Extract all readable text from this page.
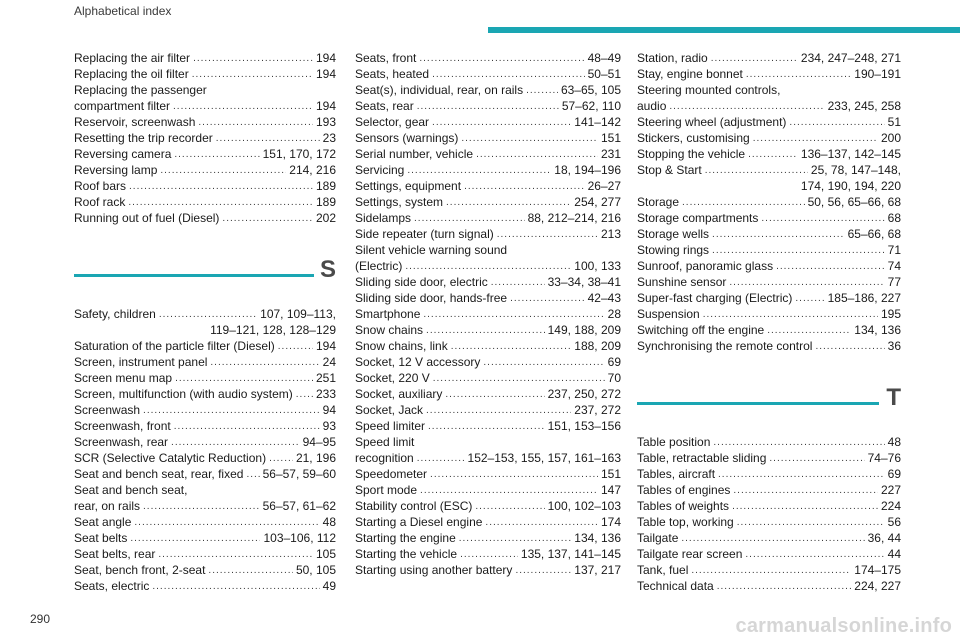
Alphabetical index
Replacing the air filter .....	194
Replacing the oil filter .....	194
Replacing the passenger
compartment filter .....	194
Reservoir, screenwash .....	193
Resetting the trip recorder .....	23
Reversing camera .....	151, 170, 172
Reversing lamp .....	214, 216
Roof bars .....	189
Roof rack .....	189
Running out of fuel (Diesel) .....	202
S
Safety, children .....	107, 109–113,
119–121, 128, 128–129
Saturation of the particle filter (Diesel) .....	194
Screen, instrument panel .....	24
Screen menu map .....	251
Screen, multifunction (with audio system) ..... 233
Screenwash .....	94
Screenwash, front .....	93
Screenwash, rear .....	94–95
SCR (Selective Catalytic Reduction) ..... 21, 196
Seat and bench seat, rear, fixed ..... 56–57, 59–60
Seat and bench seat,
rear, on rails .....	56–57, 61–62
Seat angle .....	48
Seat belts .....	103–106, 112
Seat belts, rear .....	105
Seat, bench front, 2-seat .....	50, 105
Seats, electric .....	49
Seats, front .....	48–49
Seats, heated .....	50–51
Seat(s), individual, rear, on rails .....	63–65, 105
Seats, rear .....	57–62, 110
Selector, gear .....	141–142
Sensors (warnings) .....	151
Serial number, vehicle .....	231
Servicing .....	18, 194–196
Settings, equipment .....	26–27
Settings, system .....	254, 277
Sidelamps .....	88, 212–214, 216
Side repeater (turn signal) .....	213
Silent vehicle warning sound
(Electric) .....	100, 133
Sliding side door, electric .....	33–34, 38–41
Sliding side door, hands-free .....	42–43
Smartphone .....	28
Snow chains .....	149, 188, 209
Snow chains, link .....	188, 209
Socket, 12 V accessory .....	69
Socket, 220 V .....	70
Socket, auxiliary .....	237, 250, 272
Socket, Jack .....	237, 272
Speed limiter .....	151, 153–156
Speed limit
recognition .....	152–153, 155, 157, 161–163
Speedometer .....	151
Sport mode .....	147
Stability control (ESC) .....	100, 102–103
Starting a Diesel engine .....	174
Starting the engine .....	134, 136
Starting the vehicle .....	135, 137, 141–145
Starting using another battery .....	137, 217
Station, radio .....	234, 247–248, 271
Stay, engine bonnet .....	190–191
Steering mounted controls,
audio .....	233, 245, 258
Steering wheel (adjustment) .....	51
Stickers, customising .....	200
Stopping the vehicle .....	136–137, 142–145
Stop & Start .....	25, 78, 147–148,
174, 190, 194, 220
Storage .....	50, 56, 65–66, 68
Storage compartments .....	68
Storage wells .....	65–66, 68
Stowing rings .....	71
Sunroof, panoramic glass .....	74
Sunshine sensor .....	77
Super-fast charging (Electric) .....	185–186, 227
Suspension .....	195
Switching off the engine .....	134, 136
Synchronising the remote control .....	36
T
Table position .....	48
Table, retractable sliding .....	74–76
Tables, aircraft .....	69
Tables of engines .....	227
Tables of weights .....	224
Table top, working .....	56
Tailgate .....	36, 44
Tailgate rear screen .....	44
Tank, fuel .....	174–175
Technical data .....	224, 227
290	carmanualsonline.info
